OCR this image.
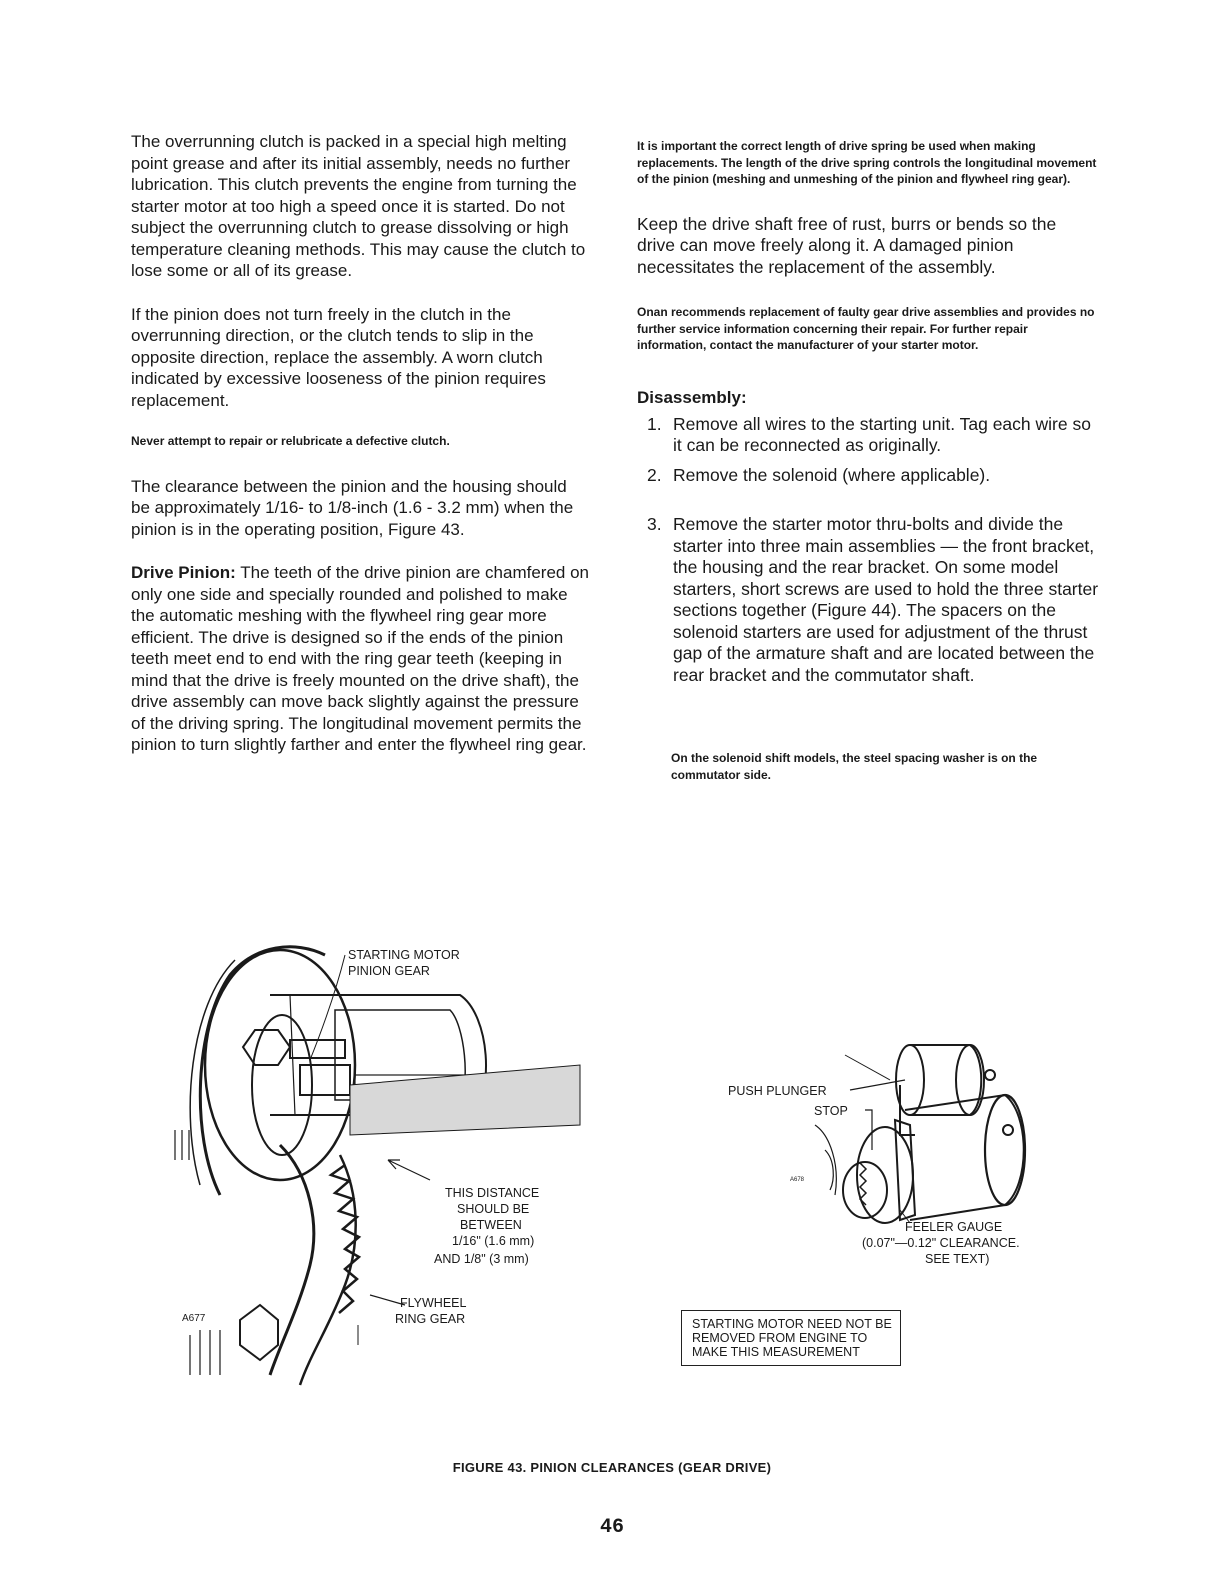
The overrunning clutch is packed in a special high melting point grease and after its initial assembly, needs no further lubrication. This clutch prevents the engine from turning the starter motor at too high a speed once it is started. Do not subject the overrunning clutch to grease dissolving or high temperature cleaning methods. This may cause the clutch to lose some or all of its grease.

If the pinion does not turn freely in the clutch in the overrunning direction, or the clutch tends to slip in the opposite direction, replace the assembly. A worn clutch indicated by excessive looseness of the pinion requires replacement.

Never attempt to repair or relubricate a defective clutch.

The clearance between the pinion and the housing should be approximately 1/16- to 1/8-inch (1.6 - 3.2 mm) when the pinion is in the operating position, Figure 43.

Drive Pinion: The teeth of the drive pinion are chamfered on only one side and specially rounded and polished to make the automatic meshing with the flywheel ring gear more efficient. The drive is designed so if the ends of the pinion teeth meet end to end with the ring gear teeth (keeping in mind that the drive is freely mounted on the drive shaft), the drive assembly can move back slightly against the pressure of the driving spring. The longitudinal movement permits the pinion to turn slightly farther and enter the flywheel ring gear.

It is important the correct length of drive spring be used when making replacements. The length of the drive spring controls the longitudinal movement of the pinion (meshing and unmeshing of the pinion and flywheel ring gear).

Keep the drive shaft free of rust, burrs or bends so the drive can move freely along it. A damaged pinion necessitates the replacement of the assembly.

Onan recommends replacement of faulty gear drive assemblies and provides no further service information concerning their repair. For further repair information, contact the manufacturer of your starter motor.

Disassembly:

1. Remove all wires to the starting unit. Tag each wire so it can be reconnected as originally.
2. Remove the solenoid (where applicable).
3. Remove the starter motor thru-bolts and divide the starter into three main assemblies — the front bracket, the housing and the rear bracket. On some model starters, short screws are used to hold the three starter sections together (Figure 44). The spacers on the solenoid starters are used for adjustment of the thrust gap of the armature shaft and are located between the rear bracket and the commutator shaft.

On the solenoid shift models, the steel spacing washer is on the commutator side.

STARTING MOTOR
PINION GEAR
THIS DISTANCE
SHOULD BE
BETWEEN
1/16" (1.6 mm)
AND 1/8" (3 mm)
FLYWHEEL
RING GEAR
A677
PUSH PLUNGER
STOP
A678
FEELER GAUGE
(0.07"—0.12" CLEARANCE.
SEE TEXT)
STARTING MOTOR NEED NOT BE REMOVED FROM ENGINE TO MAKE THIS MEASUREMENT
FIGURE 43. PINION CLEARANCES (GEAR DRIVE)
46
